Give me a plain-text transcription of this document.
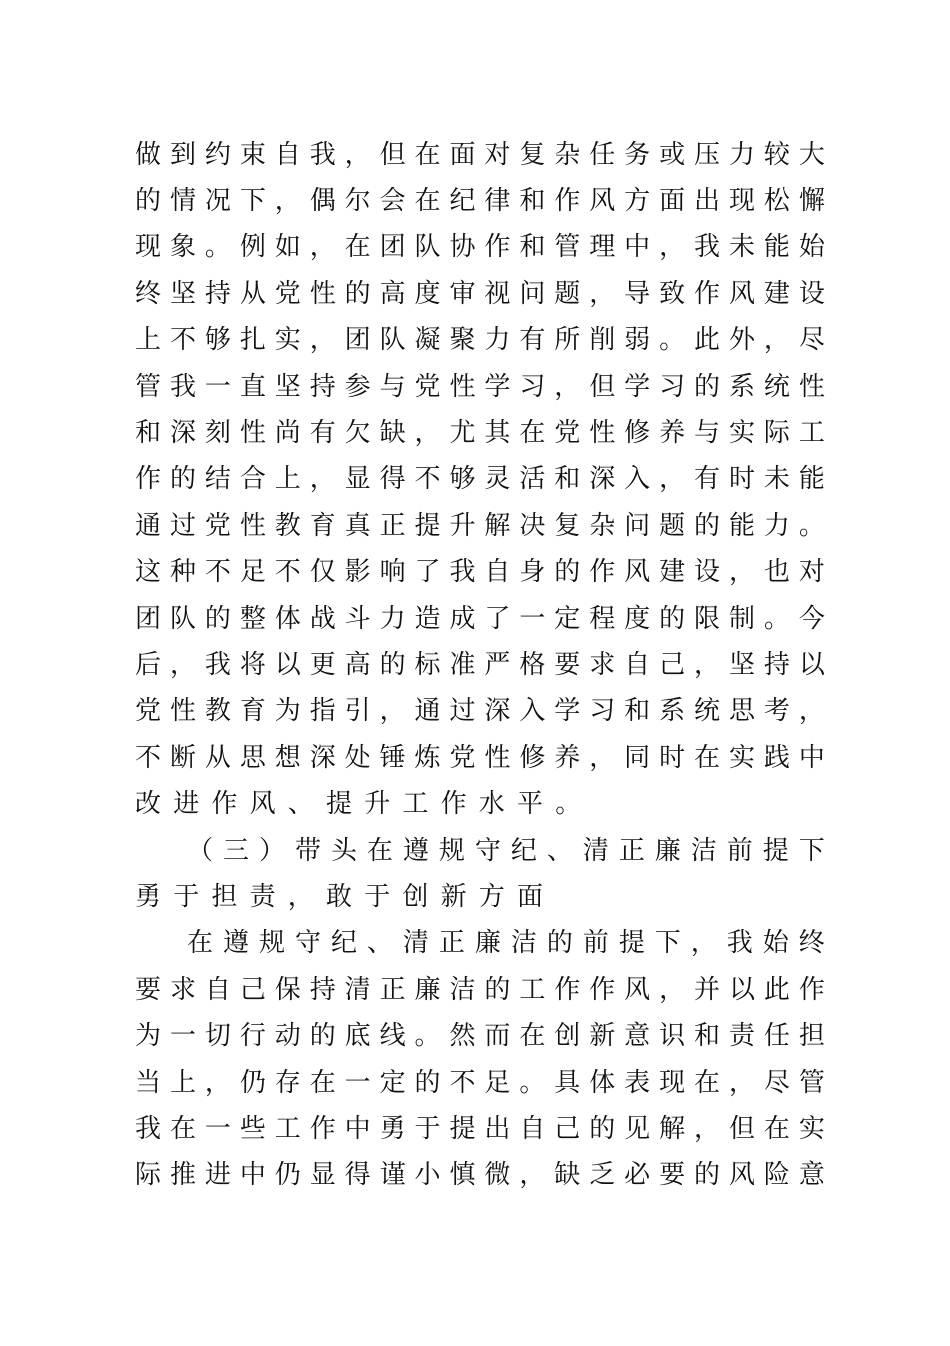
做 到 约 束 自 我 ， 但 在 面 对 复 杂 任 务 或 压 力 较 大
的 情 况 下 ， 偶 尔 会 在 纪 律 和 作 风 方 面 出 现 松 懈
现 象 。 例 如 ， 在 团 队 协 作 和 管 理 中 ， 我 未 能 始
终 坚 持 从 党 性 的 高 度 审 视 问 题 ， 导 致 作 风 建 设
上 不 够 扎 实 ， 团 队 凝 聚 力 有 所 削 弱 。 此 外 ， 尽
管 我 一 直 坚 持 参 与 党 性 学 习 ， 但 学 习 的 系 统 性
和 深 刻 性 尚 有 欠 缺 ， 尤 其 在 党 性 修 养 与 实 际 工
作 的 结 合 上 ， 显 得 不 够 灵 活 和 深 入 ， 有 时 未 能
通 过 党 性 教 育 真 正 提 升 解 决 复 杂 问 题 的 能 力 。
这 种 不 足 不 仅 影 响 了 我 自 身 的 作 风 建 设 ， 也 对
团 队 的 整 体 战 斗 力 造 成 了 一 定 程 度 的 限 制 。 今
后 ， 我 将 以 更 高 的 标 准 严 格 要 求 自 己 ， 坚 持 以
党 性 教 育 为 指 引 ， 通 过 深 入 学 习 和 系 统 思 考 ，
不 断 从 思 想 深 处 锤 炼 党 性 修 养 ， 同 时 在 实 践 中
改进作风、提升工作水平。
（ 三 ） 带 头 在 遵 规 守 纪 、 清 正 廉 洁 前 提 下
勇于担责，敢于创新方面
在 遵 规 守 纪 、 清 正 廉 洁 的 前 提 下 ， 我 始 终
要 求 自 己 保 持 清 正 廉 洁 的 工 作 作 风 ， 并 以 此 作
为 一 切 行 动 的 底 线 。 然 而 在 创 新 意 识 和 责 任 担
当 上 ， 仍 存 在 一 定 的 不 足 。 具 体 表 现 在 ， 尽 管
我 在 一 些 工 作 中 勇 于 提 出 自 己 的 见 解 ， 但 在 实
际 推 进 中 仍 显 得 谨 小 慎 微 ， 缺 乏 必 要 的 风 险 意
